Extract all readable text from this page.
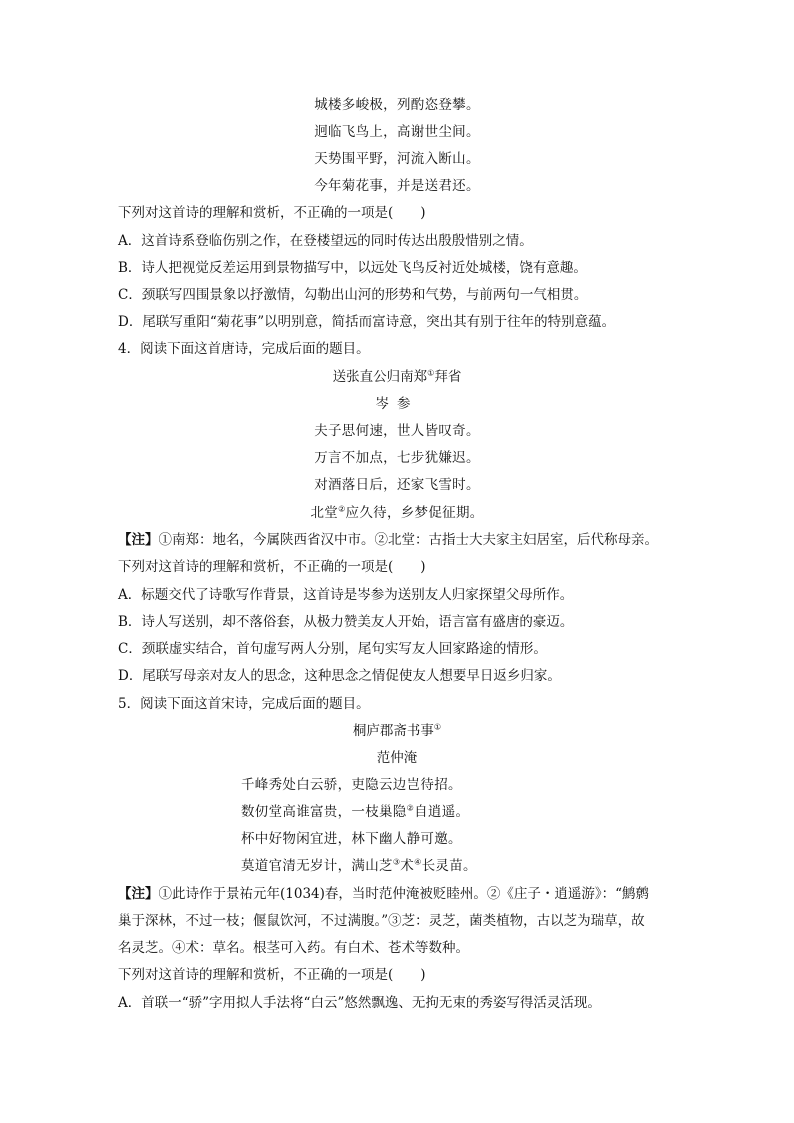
城楼多峻极，列酌恣登攀。
迥临飞鸟上，高谢世尘间。
天势围平野，河流入断山。
今年菊花事，并是送君还。
下列对这首诗的理解和赏析，不正确的一项是(　　)
A．这首诗系登临伤别之作，在登楼望远的同时传达出殷殷惜别之情。
B．诗人把视觉反差运用到景物描写中，以远处飞鸟反衬近处城楼，饶有意趣。
C．颈联写四围景象以抒激情，勾勒出山河的形势和气势，与前两句一气相贯。
D．尾联写重阳“菊花事”以明别意，简括而富诗意，突出其有别于往年的特别意蕴。
4．阅读下面这首唐诗，完成后面的题目。
送张直公归南郑①拜省
岑参
夫子思何速，世人皆叹奇。
万言不加点，七步犹嫌迟。
对酒落日后，还家飞雪时。
北堂②应久待，乡梦促征期。
【注】①南郑：地名，今属陕西省汉中市。②北堂：古指士大夫家主妇居室，后代称母亲。
下列对这首诗的理解和赏析，不正确的一项是(　　)
A．标题交代了诗歌写作背景，这首诗是岑参为送别友人归家探望父母所作。
B．诗人写送别，却不落俗套，从极力赞美友人开始，语言富有盛唐的豪迈。
C．颈联虚实结合，首句虚写两人分别，尾句实写友人回家路途的情形。
D．尾联写母亲对友人的思念，这种思念之情促使友人想要早日返乡归家。
5．阅读下面这首宋诗，完成后面的题目。
桐庐郡斋书事①
范仲淹
千峰秀处白云骄，吏隐云边岂待招。
数仞堂高谁富贵，一枝巢隐②自逍遥。
杯中好物闲宜进，林下幽人静可邀。
莫道官清无岁计，满山芝③术④长灵苗。
【注】①此诗作于景祐元年(1034)春，当时范仲淹被贬睦州。②《庄子・逍遥游》：“鹪鹩
巢于深林，不过一枝；偃鼠饮河，不过满腹。”③芝：灵芝，菌类植物，古以芝为瑞草，故
名灵芝。④术：草名。根茎可入药。有白术、苍术等数种。
下列对这首诗的理解和赏析，不正确的一项是(　　)
A．首联一“骄”字用拟人手法将“白云”悠然飘逸、无拘无束的秀姿写得活灵活现。
